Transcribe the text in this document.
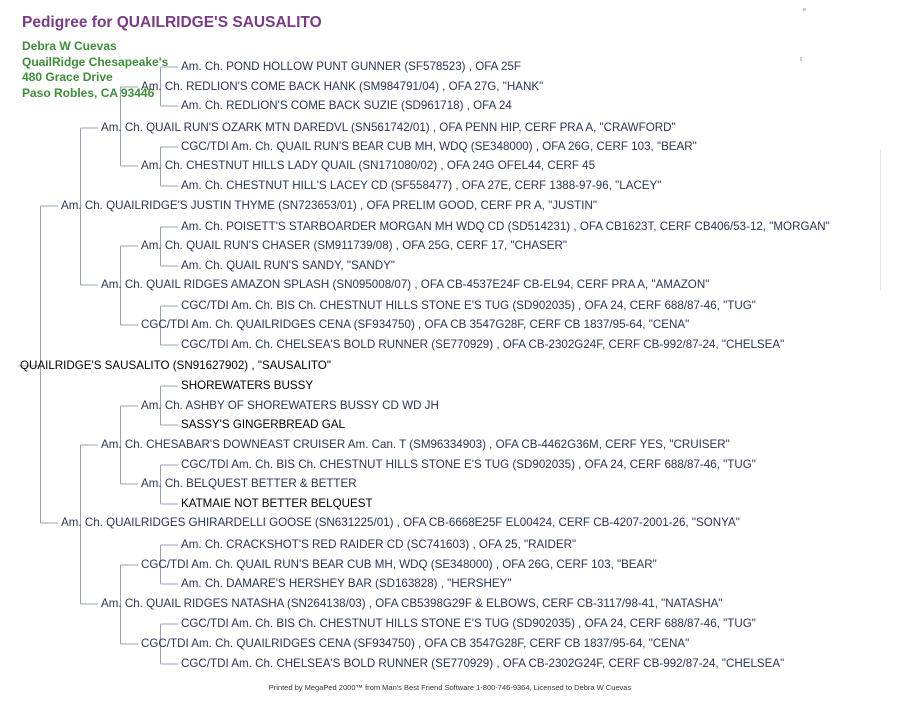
Pedigree for QUAILRIDGE'S SAUSALITO
Debra W Cuevas
QuailRidge Chesapeake's
480 Grace Drive
Paso Robles, CA 93446
QUAILRIDGE'S SAUSALITO (SN91627902) , "SAUSALITO"
Am. Ch. QUAILRIDGE'S JUSTIN THYME (SN723653/01) , OFA PRELIM GOOD, CERF PR A, "JUSTIN"
Am. Ch. QUAILRIDGES GHIRARDELLI GOOSE (SN631225/01) , OFA CB-6668E25F EL00424, CERF CB-4207-2001-26, "SONYA"
Am. Ch. QUAIL RUN'S OZARK MTN DAREDVL (SN561742/01) , OFA PENN HIP, CERF PRA A, "CRAWFORD"
Am. Ch. QUAIL RIDGES AMAZON SPLASH (SN095008/07) , OFA CB-4537E24F CB-EL94, CERF PRA A, "AMAZON"
Am. Ch. CHESABAR'S DOWNEAST CRUISER Am. Can. T (SM96334903) , OFA CB-4462G36M, CERF YES, "CRUISER"
Am. Ch. QUAIL RIDGES NATASHA (SN264138/03) , OFA CB5398G29F & ELBOWS, CERF CB-3117/98-41, "NATASHA"
Am. Ch. REDLION'S COME BACK HANK (SM984791/04) , OFA 27G, "HANK"
Am. Ch. CHESTNUT HILLS LADY QUAIL (SN171080/02) , OFA 24G OFEL44, CERF 45
Am. Ch. QUAIL RUN'S CHASER (SM911739/08) , OFA 25G, CERF 17, "CHASER"
CGC/TDI Am. Ch. QUAILRIDGES CENA (SF934750) , OFA CB 3547G28F, CERF CB 1837/95-64, "CENA"
Am. Ch. ASHBY OF SHOREWATERS BUSSY CD WD JH
Am. Ch. BELQUEST BETTER & BETTER
CGC/TDI Am. Ch. QUAIL RUN'S BEAR CUB MH, WDQ (SE348000) , OFA 26G, CERF 103, "BEAR"
CGC/TDI Am. Ch. QUAILRIDGES CENA (SF934750) , OFA CB 3547G28F, CERF CB 1837/95-64, "CENA"
Am. Ch. POND HOLLOW PUNT GUNNER (SF578523) , OFA 25F
Am. Ch. REDLION'S COME BACK SUZIE (SD961718) , OFA 24
CGC/TDI Am. Ch. QUAIL RUN'S BEAR CUB MH, WDQ (SE348000) , OFA 26G, CERF 103, "BEAR"
Am. Ch. CHESTNUT HILL'S LACEY CD (SF558477) , OFA 27E, CERF 1388-97-96, "LACEY"
Am. Ch. POISETT'S STARBOARDER MORGAN MH WDQ CD (SD514231) , OFA CB1623T, CERF CB406/53-12, "MORGAN"
Am. Ch. QUAIL RUN'S SANDY, "SANDY"
CGC/TDI Am. Ch. BIS Ch. CHESTNUT HILLS STONE E'S TUG (SD902035) , OFA 24, CERF 688/87-46, "TUG"
CGC/TDI Am. Ch. CHELSEA'S BOLD RUNNER (SE770929) , OFA CB-2302G24F, CERF CB-992/87-24, "CHELSEA"
SHOREWATERS BUSSY
SASSY'S GINGERBREAD GAL
CGC/TDI Am. Ch. BIS Ch. CHESTNUT HILLS STONE E'S TUG (SD902035) , OFA 24, CERF 688/87-46, "TUG"
KATMAIE NOT BETTER BELQUEST
Am. Ch. CRACKSHOT'S RED RAIDER CD (SC741603) , OFA 25, "RAIDER"
Am. Ch. DAMARE'S HERSHEY BAR (SD163828) , "HERSHEY"
CGC/TDI Am. Ch. BIS Ch. CHESTNUT HILLS STONE E'S TUG (SD902035) , OFA 24, CERF 688/87-46, "TUG"
CGC/TDI Am. Ch. CHELSEA'S BOLD RUNNER (SE770929) , OFA CB-2302G24F, CERF CB-992/87-24, "CHELSEA"
Printed by MegaPed 2000™ from Man's Best Friend Software 1-800-746-9364, Licensed to Debra W Cuevas
